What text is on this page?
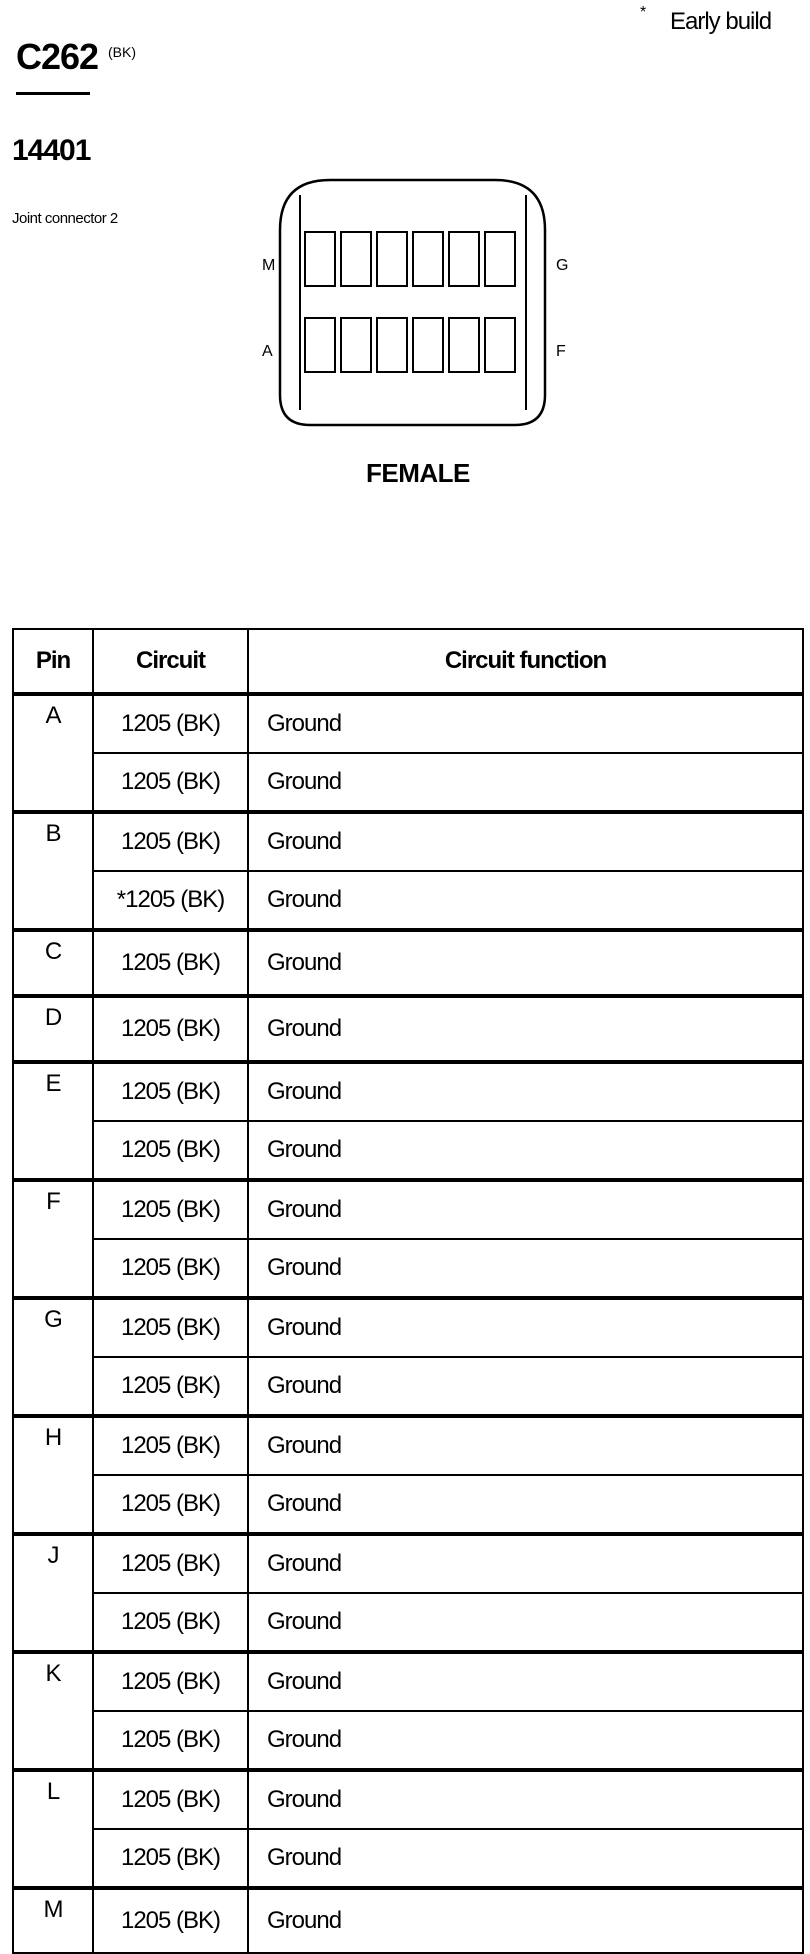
* Early build
C262 (BK)
14401
Joint connector 2
M	G
A	F
FEMALE
Pin	Circuit	Circuit function
A	1205 (BK)	Ground
	1205 (BK)	Ground
B	1205 (BK)	Ground
	*1205 (BK)	Ground
C	1205 (BK)	Ground
D	1205 (BK)	Ground
E	1205 (BK)	Ground
	1205 (BK)	Ground
F	1205 (BK)	Ground
	1205 (BK)	Ground
G	1205 (BK)	Ground
	1205 (BK)	Ground
H	1205 (BK)	Ground
	1205 (BK)	Ground
J	1205 (BK)	Ground
	1205 (BK)	Ground
K	1205 (BK)	Ground
	1205 (BK)	Ground
L	1205 (BK)	Ground
	1205 (BK)	Ground
M	1205 (BK)	Ground
